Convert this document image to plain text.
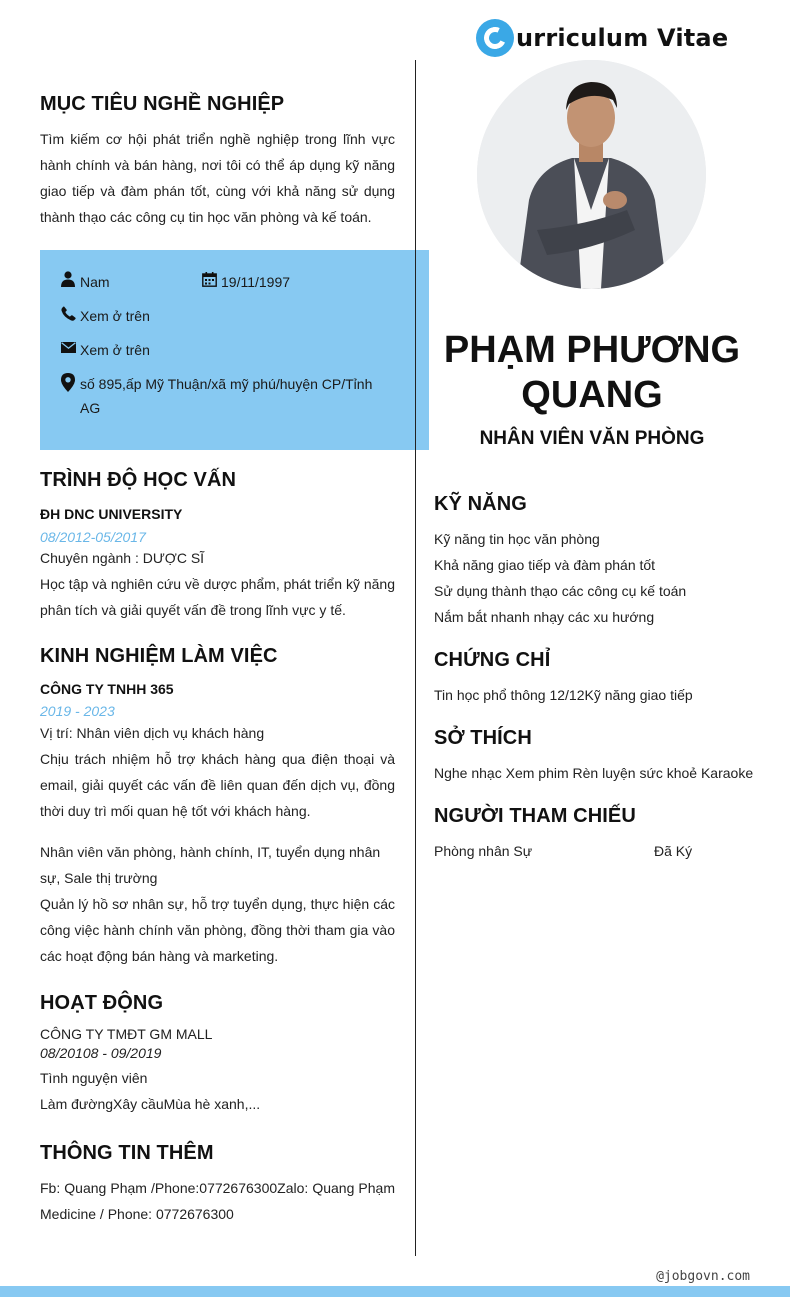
urriculum Vitae
PHẠM PHƯƠNG QUANG
NHÂN VIÊN VĂN PHÒNG
MỤC TIÊU NGHỀ NGHIỆP
Tìm kiếm cơ hội phát triển nghề nghiệp trong lĩnh vực hành chính và bán hàng, nơi tôi có thể áp dụng kỹ năng giao tiếp và đàm phán tốt, cùng với khả năng sử dụng thành thạo các công cụ tin học văn phòng và kế toán.
Nam	19/11/1997
Xem ở trên
Xem ở trên
số 895,ấp Mỹ Thuận/xã mỹ phú/huyện CP/Tỉnh AG
TRÌNH ĐỘ HỌC VẤN
ĐH DNC UNIVERSITY
08/2012-05/2017
Chuyên ngành : DƯỢC SĨ
Học tập và nghiên cứu về dược phẩm, phát triển kỹ năng phân tích và giải quyết vấn đề trong lĩnh vực y tế.
KINH NGHIỆM LÀM VIỆC
CÔNG TY TNHH 365
2019 - 2023
Vị trí: Nhân viên dịch vụ khách hàng
Chịu trách nhiệm hỗ trợ khách hàng qua điện thoại và email, giải quyết các vấn đề liên quan đến dịch vụ, đồng thời duy trì mối quan hệ tốt với khách hàng.
Nhân viên văn phòng, hành chính, IT, tuyển dụng nhân sự, Sale thị trường
Quản lý hồ sơ nhân sự, hỗ trợ tuyển dụng, thực hiện các công việc hành chính văn phòng, đồng thời tham gia vào các hoạt động bán hàng và marketing.
HOẠT ĐỘNG
CÔNG TY TMĐT GM MALL
08/20108 - 09/2019
Tình nguyện viên
Làm đườngXây cầuMùa hè xanh,...
THÔNG TIN THÊM
Fb: Quang Phạm /Phone:0772676300Zalo: Quang Phạm Medicine / Phone: 0772676300
KỸ NĂNG
Kỹ năng tin học văn phòng
Khả năng giao tiếp và đàm phán tốt
Sử dụng thành thạo các công cụ kế toán
Nắm bắt nhanh nhạy các xu hướng
CHỨNG CHỈ
Tin học phổ thông 12/12Kỹ năng giao tiếp
SỞ THÍCH
Nghe nhạc Xem phim Rèn luyện sức khoẻ Karaoke
NGƯỜI THAM CHIẾU
Phòng nhân Sự	Đã Ký
@jobgovn.com
